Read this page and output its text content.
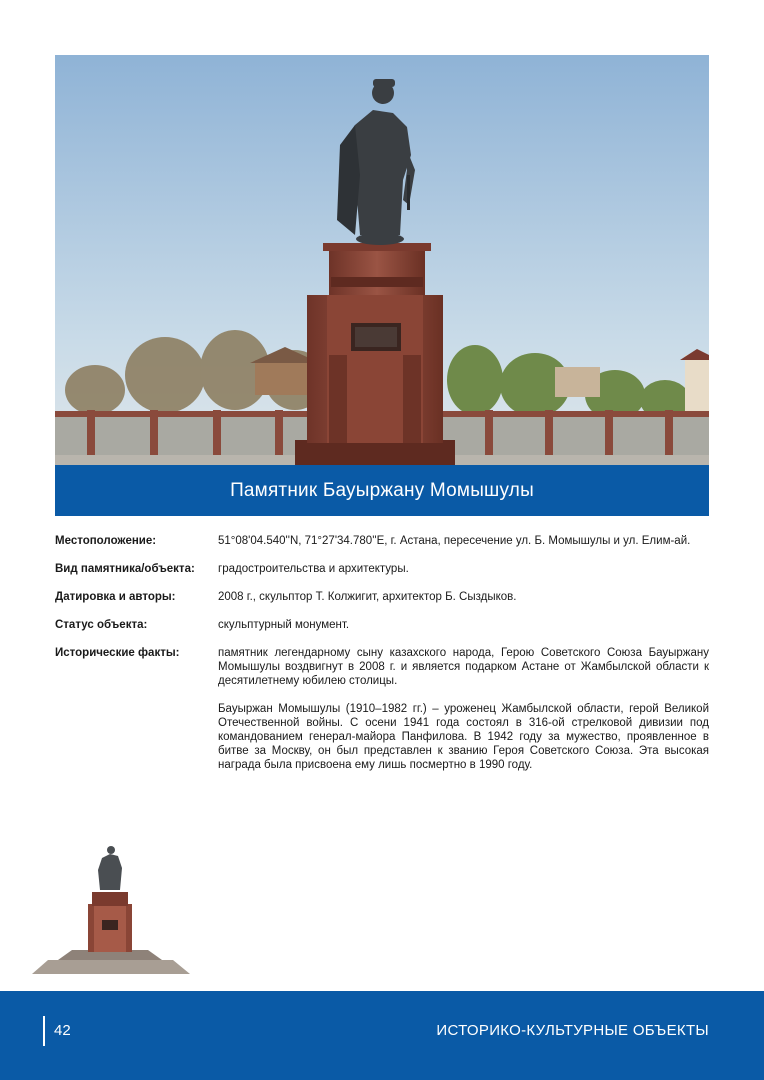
Памятник Бауыржану Момышулы
Местоположение:	51°08'04.540''N, 71°27'34.780''E, г. Астана, пересечение ул. Б. Момышулы и ул. Елим-ай.

Вид памятника/объекта:	градостроительства и архитектуры.

Датировка и авторы:	2008 г., скульптор Т. Колжигит, архитектор Б. Сыздыков.

Статус объекта:	скульптурный монумент.

Исторические факты:	памятник легендарному сыну казахского народа, Герою Советского Союза Бауыржану Момышулы воздвигнут в 2008 г. и является подарком Астане от Жамбылской области к десятилетнему юбилею столицы.

Бауыржан Момышулы (1910–1982 гг.) – уроженец Жамбылской области, герой Великой Отечественной войны. С осени 1941 года состоял в 316-ой стрелковой дивизии под командованием генерал-майора Панфилова. В 1942 году за мужество, проявленное в битве за Москву, он был представлен к званию Героя Советского Союза. Эта высокая награда была присвоена ему лишь посмертно в 1990 году.

42	ИСТОРИКО-КУЛЬТУРНЫЕ ОБЪЕКТЫ
